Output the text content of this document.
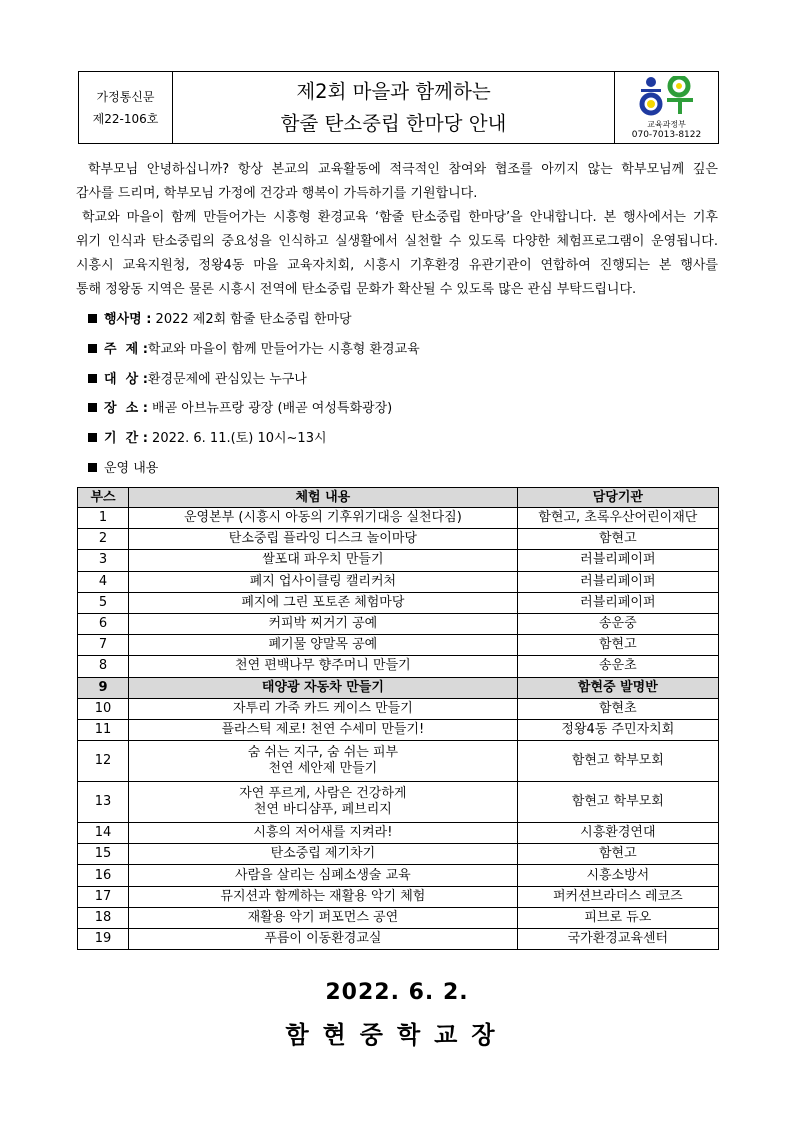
가정통신문
제22-106호
제2회 마을과 함께하는
함줄 탄소중립 한마당 안내	교육과정부
070-7013-8122
학부모님 안녕하십니까? 항상 본교의 교육활동에 적극적인 참여와 협조를 아끼지 않는 학부모님께 깊은
감사를 드리며, 학부모님 가정에 건강과 행복이 가득하기를 기원합니다.
학교와 마을이 함께 만들어가는 시흥형 환경교육 ‘함줄 탄소중립 한마당’을 안내합니다. 본 행사에서는 기후
위기 인식과 탄소중립의 중요성을 인식하고 실생활에서 실천할 수 있도록 다양한 체험프로그램이 운영됩니다.
시흥시 교육지원청, 정왕4동 마을 교육자치회, 시흥시 기후환경 유관기관이 연합하여 진행되는 본 행사를
통해 정왕동 지역은 물론 시흥시 전역에 탄소중립 문화가 확산될 수 있도록 많은 관심 부탁드립니다.
행사명 : 2022 제2회 함줄 탄소중립 한마당
주  제 :학교와 마을이 함께 만들어가는 시흥형 환경교육
대  상 :환경문제에 관심있는 누구나
장  소 : 배곧 아브뉴프랑 광장 (배곧 여성특화광장)
기  간 : 2022. 6. 11.(토) 10시~13시
운영 내용
부스	체험 내용	담당기관
1	운영본부 (시흥시 아동의 기후위기대응 실천다짐)	함현고, 초록우산어린이재단
2	탄소중립 플라잉 디스크 놀이마당	함현고
3	쌀포대 파우치 만들기	러블리페이퍼
4	폐지 업사이클링 캘리커처	러블리페이퍼
5	폐지에 그린 포토존 체험마당	러블리페이퍼
6	커피박 찌거기 공예	송운중
7	폐기물 양말목 공예	함현고
8	천연 편백나무 향주머니 만들기	송운초
9	태양광 자동차 만들기	함현중 발명반
10	자투리 가죽 카드 케이스 만들기	함현초
11	플라스틱 제로! 천연 수세미 만들기!	정왕4동 주민자치회
12	숨 쉬는 지구, 숨 쉬는 피부
천연 세안제 만들기	함현고 학부모회
13	자연 푸르게, 사람은 건강하게
천연 바디샴푸, 페브리지	함현고 학부모회
14	시흥의 저어새를 지켜라!	시흥환경연대
15	탄소중립 제기차기	함현고
16	사람을 살리는 심폐소생술 교육	시흥소방서
17	뮤지션과 함께하는 재활용 악기 체험	퍼커션브라더스 레코즈
18	재활용 악기 퍼포먼스 공연	피브로 듀오
19	푸름이 이동환경교실	국가환경교육센터
2022. 6. 2.
함현중학교장
